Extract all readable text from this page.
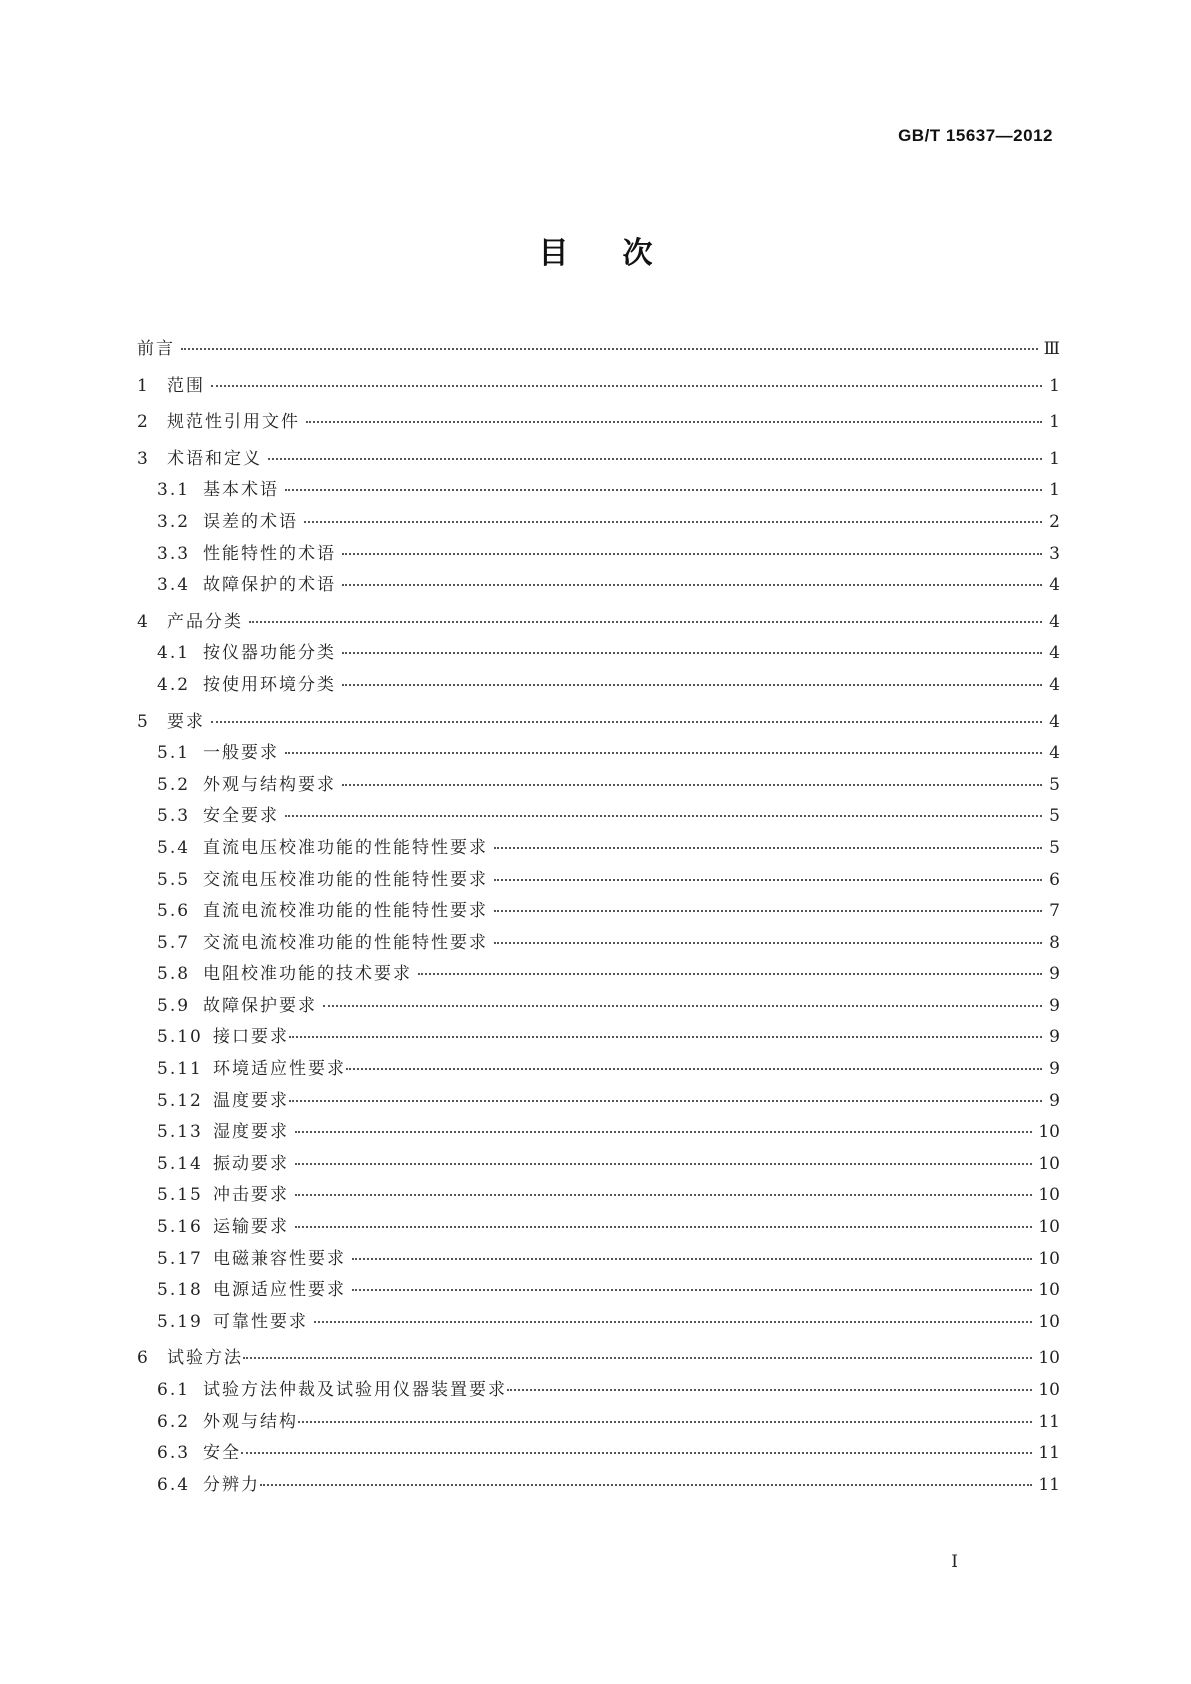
GB/T 15637—2012
目 次
前言	Ⅲ
1	范围	1
2	规范性引用文件	1
3	术语和定义	1
3.1 基本术语	1
3.2 误差的术语	2
3.3 性能特性的术语	3
3.4 故障保护的术语	4
4	产品分类	4
4.1 按仪器功能分类	4
4.2 按使用环境分类	4
5	要求	4
5.1 一般要求	4
5.2 外观与结构要求	5
5.3 安全要求	5
5.4 直流电压校准功能的性能特性要求	5
5.5 交流电压校准功能的性能特性要求	6
5.6 直流电流校准功能的性能特性要求	7
5.7 交流电流校准功能的性能特性要求	8
5.8 电阻校准功能的技术要求	9
5.9 故障保护要求	9
5.10 接口要求	9
5.11 环境适应性要求	9
5.12 温度要求	9
5.13 湿度要求	10
5.14 振动要求	10
5.15 冲击要求	10
5.16 运输要求	10
5.17 电磁兼容性要求	10
5.18 电源适应性要求	10
5.19 可靠性要求	10
6	试验方法	10
6.1 试验方法仲裁及试验用仪器装置要求	10
6.2 外观与结构	11
6.3 安全	11
6.4 分辨力	11
Ⅰ
